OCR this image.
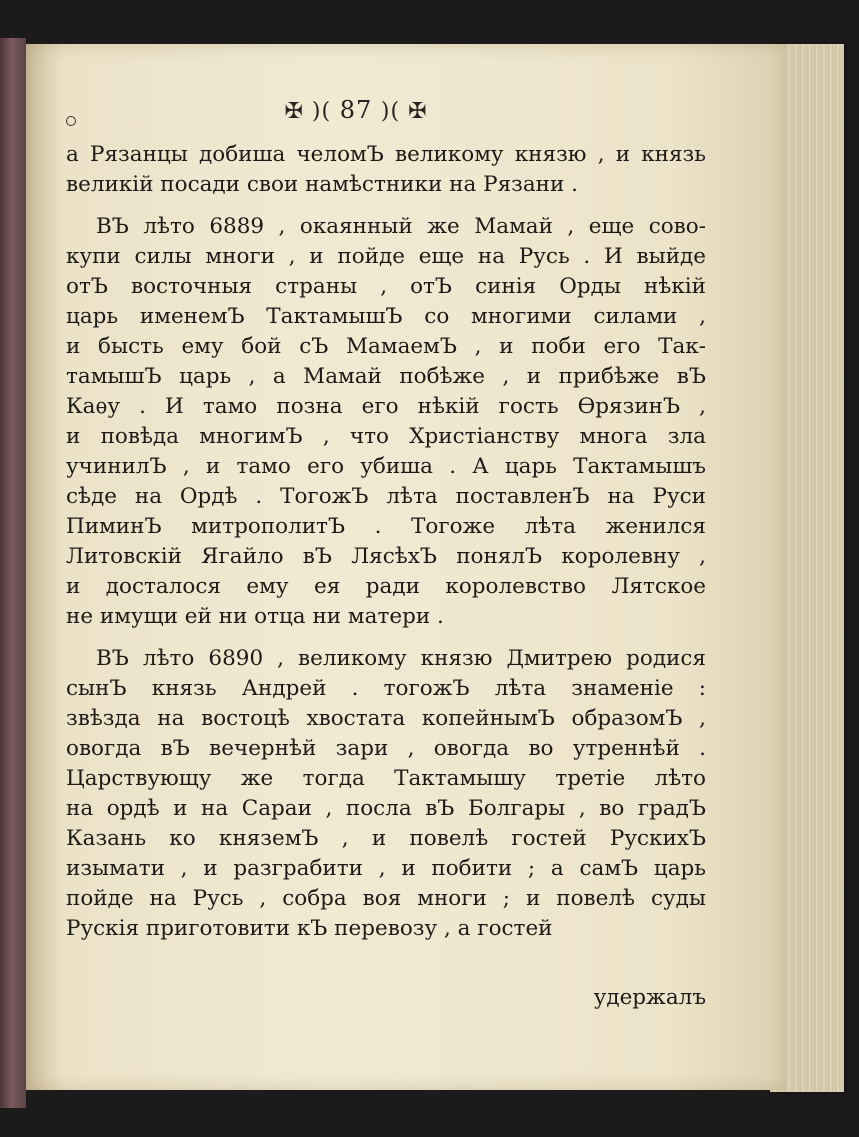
✠ )( 87 )( ✠
а Рязанцы добиша челомЪ великому князю , и князь
великій посади свои намѣстники на Рязани .
ВЪ лѣто 6889 , окаянный же Мамай , еще сово-
купи силы многи , и пойде еще на Русь . И выйде
отЪ восточныя страны , отЪ синія Орды нѣкій
царь именемЪ ТактамышЪ со многими силами ,
и бысть ему бой сЪ МамаемЪ , и поби его Так-
тамышЪ царь , а Мамай побѣже , и прибѣже вЪ
Каѳу . И тамо позна его нѣкій гость ѲрязинЪ ,
и повѣда многимЪ , что Христіанству многа зла
учинилЪ , и тамо его убиша . А царь Тактамышъ
сѣде на Ордѣ . ТогожЪ лѣта поставленЪ на Руси
ПиминЪ митрополитЪ . Тогоже лѣта женился
Литовскій Ягайло вЪ ЛясѣхЪ понялЪ королевну ,
и досталося ему ея ради королевство Лятское
не имущи ей ни отца ни матери .
ВЪ лѣто 6890 , великому князю Дмитрею родися
сынЪ князь Андрей . тогожЪ лѣта знаменіе :
звѣзда на востоцѣ хвостата копейнымЪ образомЪ ,
овогда вЪ вечернѣй зари , овогда во утреннѣй .
Царствующу же тогда Тактамышу третіе лѣто
на ордѣ и на Сараи , посла вЪ Болгары , во градЪ
Казань ко княземЪ , и повелѣ гостей РускихЪ
изымати , и разграбити , и побити ; а самЪ царь
пойде на Русь , собра воя многи ; и повелѣ суды
Рускія приготовити кЪ перевозу , а гостей
удержалъ
